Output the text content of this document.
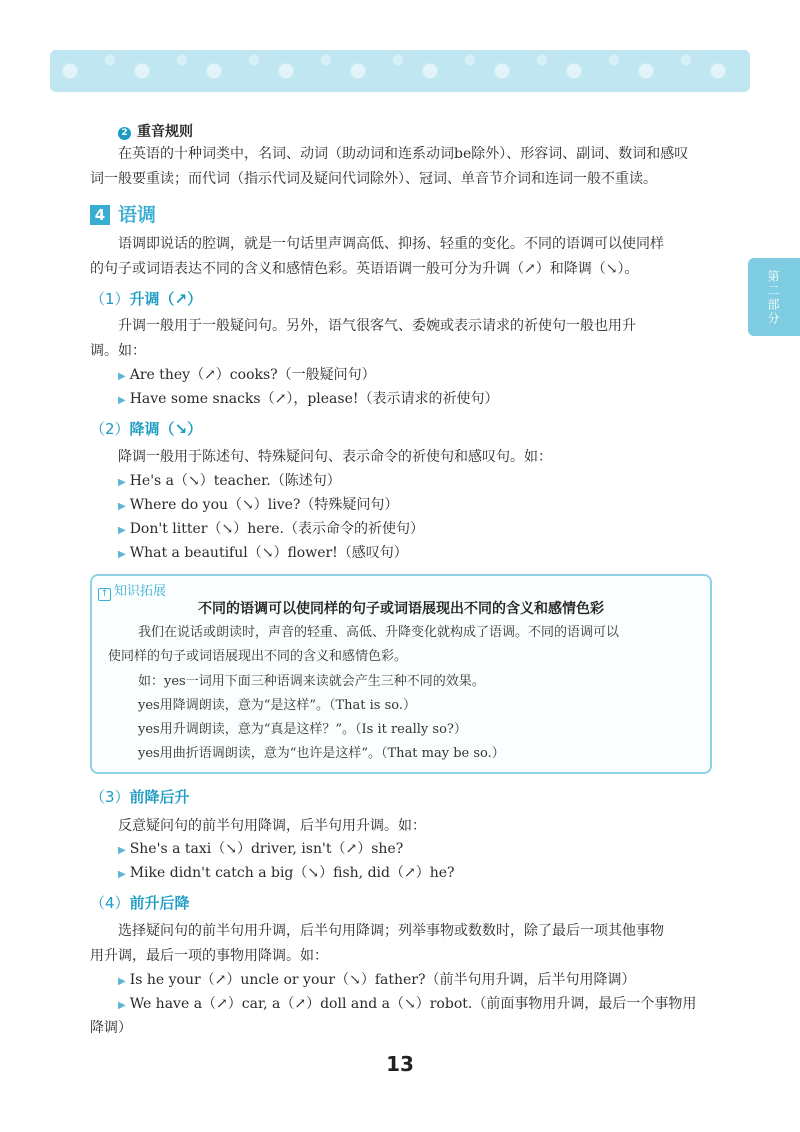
第二部分 语 音
第二部分
2 重音规则
在英语的十种词类中，名词、动词（助动词和连系动词be除外）、形容词、副词、数词和感叹
词一般要重读；而代词（指示代词及疑问代词除外）、冠词、单音节介词和连词一般不重读。
4 语调
语调即说话的腔调，就是一句话里声调高低、抑扬、轻重的变化。不同的语调可以使同样
的句子或词语表达不同的含义和感情色彩。英语语调一般可分为升调（↗）和降调（↘）。
（1）升调（↗）
升调一般用于一般疑问句。另外，语气很客气、委婉或表示请求的祈使句一般也用升
调。如：
▶ Are they（↗）cooks?（一般疑问句）
▶ Have some snacks（↗），please!（表示请求的祈使句）
（2）降调（↘）
降调一般用于陈述句、特殊疑问句、表示命令的祈使句和感叹句。如：
▶ He's a（↘）teacher.（陈述句）
▶ Where do you（↘）live?（特殊疑问句）
▶ Don't litter（↘）here.（表示命令的祈使句）
▶ What a beautiful（↘）flower!（感叹句）
↑ 知识拓展
不同的语调可以使同样的句子或词语展现出不同的含义和感情色彩
我们在说话或朗读时，声音的轻重、高低、升降变化就构成了语调。不同的语调可以
使同样的句子或词语展现出不同的含义和感情色彩。
如：yes一词用下面三种语调来读就会产生三种不同的效果。
yes用降调朗读，意为“是这样”。（That is so.）
yes用升调朗读，意为“真是这样？”。（Is it really so?）
yes用曲折语调朗读，意为“也许是这样”。（That may be so.）
（3）前降后升
反意疑问句的前半句用降调，后半句用升调。如：
▶ She's a taxi（↘）driver, isn't（↗）she?
▶ Mike didn't catch a big（↘）fish, did（↗）he?
（4）前升后降
选择疑问句的前半句用升调，后半句用降调；列举事物或数数时，除了最后一项其他事物
用升调，最后一项的事物用降调。如：
▶ Is he your（↗）uncle or your（↘）father?（前半句用升调，后半句用降调）
▶ We have a（↗）car, a（↗）doll and a（↘）robot.（前面事物用升调，最后一个事物用
降调）
13
